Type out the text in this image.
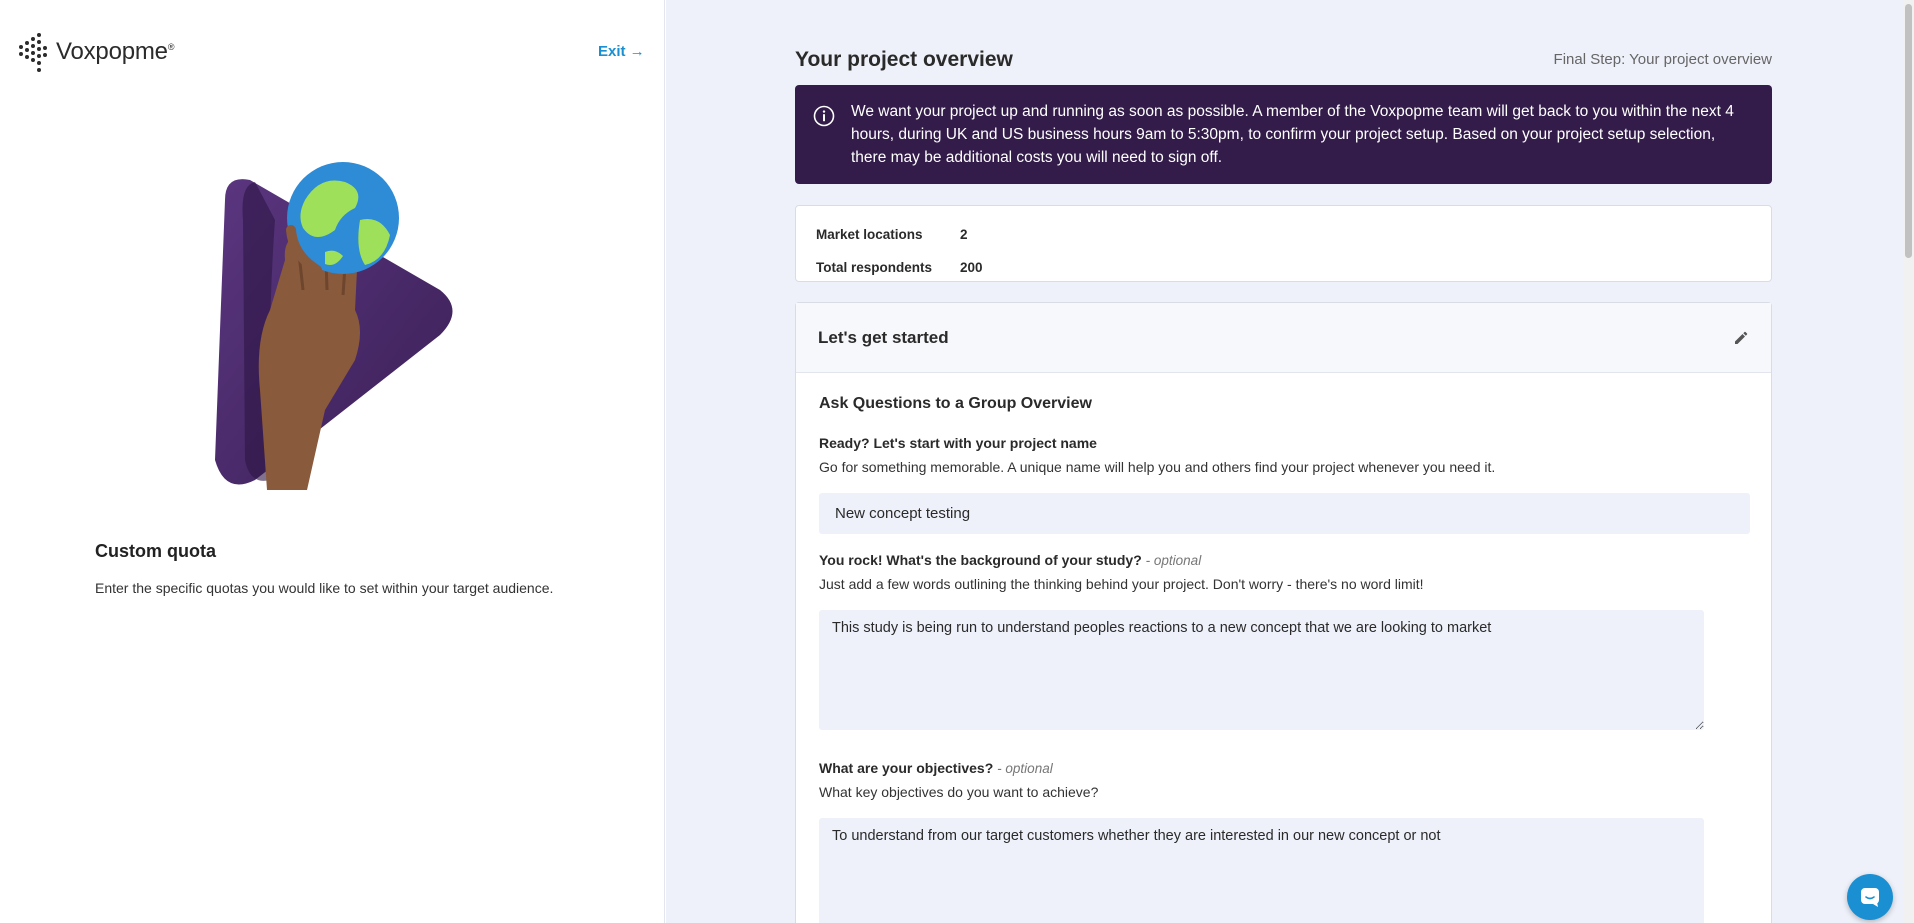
Voxpopme®	Exit →
Custom quota
Enter the specific quotas you would like to set within your target audience.
Your project overview	Final Step: Your project overview
We want your project up and running as soon as possible. A member of the Voxpopme team will get back to you within the next 4 hours, during UK and US business hours 9am to 5:30pm, to confirm your project setup. Based on your project setup selection, there may be additional costs you will need to sign off.
Market locations	2
Total respondents	200
Let's get started
Ask Questions to a Group Overview
Ready? Let's start with your project name
Go for something memorable. A unique name will help you and others find your project whenever you need it.
New concept testing
You rock! What's the background of your study? - optional
Just add a few words outlining the thinking behind your project. Don't worry - there's no word limit!
This study is being run to understand peoples reactions to a new concept that we are looking to market
What are your objectives? - optional
What key objectives do you want to achieve?
To understand from our target customers whether they are interested in our new concept or not
